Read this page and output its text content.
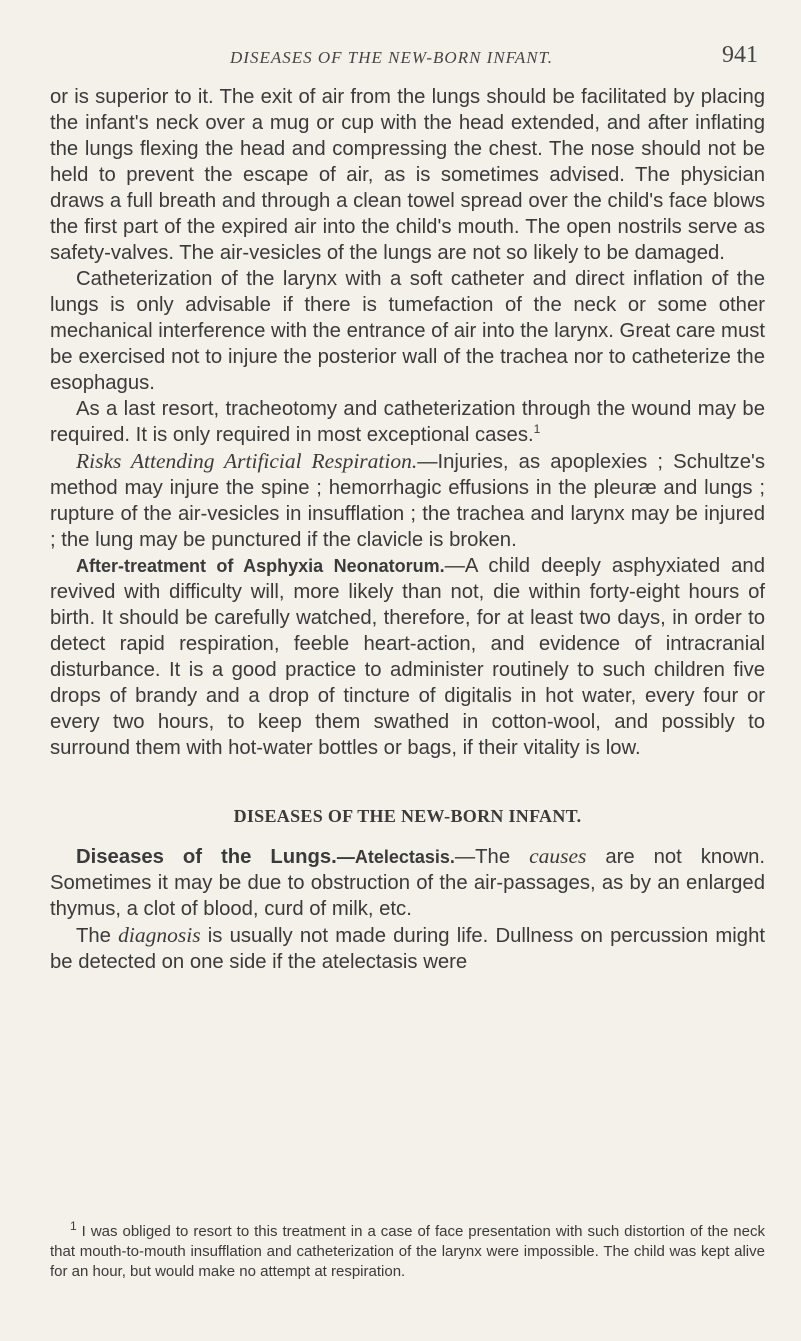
DISEASES OF THE NEW-BORN INFANT.	941

or is superior to it. The exit of air from the lungs should be facilitated by placing the infant's neck over a mug or cup with the head extended, and after inflating the lungs flexing the head and compressing the chest. The nose should not be held to prevent the escape of air, as is sometimes advised. The physician draws a full breath and through a clean towel spread over the child's face blows the first part of the expired air into the child's mouth. The open nostrils serve as safety-valves. The air-vesicles of the lungs are not so likely to be damaged.

Catheterization of the larynx with a soft catheter and direct inflation of the lungs is only advisable if there is tumefaction of the neck or some other mechanical interference with the entrance of air into the larynx. Great care must be exercised not to injure the posterior wall of the trachea nor to catheterize the esophagus.

As a last resort, tracheotomy and catheterization through the wound may be required. It is only required in most exceptional cases.$^1$

Risks Attending Artificial Respiration.—Injuries, as apoplexies ; Schultze's method may injure the spine ; hemorrhagic effusions in the pleuræ and lungs ; rupture of the air-vesicles in insufflation ; the trachea and larynx may be injured ; the lung may be punctured if the clavicle is broken.

After-treatment of Asphyxia Neonatorum.—A child deeply asphyxiated and revived with difficulty will, more likely than not, die within forty-eight hours of birth. It should be carefully watched, therefore, for at least two days, in order to detect rapid respiration, feeble heart-action, and evidence of intracranial disturbance. It is a good practice to administer routinely to such children five drops of brandy and a drop of tincture of digitalis in hot water, every four or every two hours, to keep them swathed in cotton-wool, and possibly to surround them with hot-water bottles or bags, if their vitality is low.

DISEASES OF THE NEW-BORN INFANT.

Diseases of the Lungs.—Atelectasis.—The causes are not known. Sometimes it may be due to obstruction of the air-passages, as by an enlarged thymus, a clot of blood, curd of milk, etc.

The diagnosis is usually not made during life. Dullness on percussion might be detected on one side if the atelectasis were

$^1$ I was obliged to resort to this treatment in a case of face presentation with such distortion of the neck that mouth-to-mouth insufflation and catheterization of the larynx were impossible. The child was kept alive for an hour, but would make no attempt at respiration.
